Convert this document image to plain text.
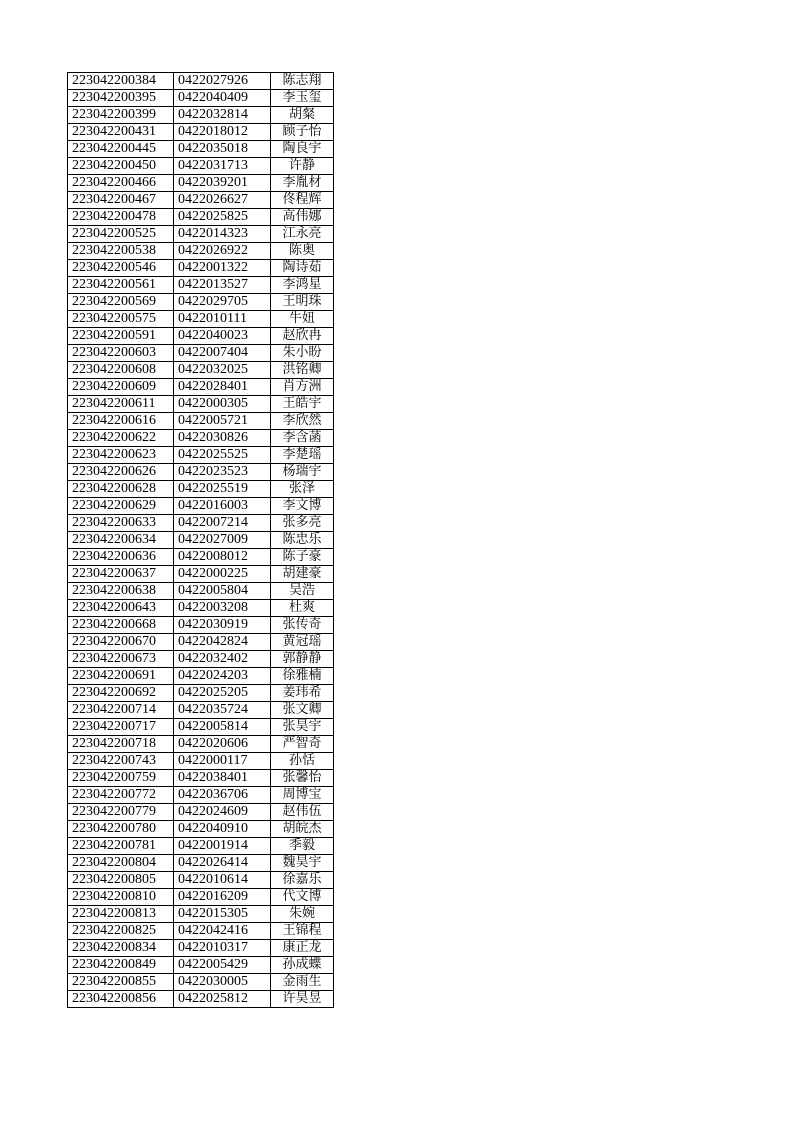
223042200384	0422027926	陈志翔
223042200395	0422040409	李玉玺
223042200399	0422032814	胡粲
223042200431	0422018012	顾子怡
223042200445	0422035018	陶良宇
223042200450	0422031713	许静
223042200466	0422039201	李胤材
223042200467	0422026627	佟程辉
223042200478	0422025825	高伟娜
223042200525	0422014323	江永亮
223042200538	0422026922	陈奥
223042200546	0422001322	陶诗茹
223042200561	0422013527	李鸿星
223042200569	0422029705	王明珠
223042200575	0422010111	牛妞
223042200591	0422040023	赵欣冉
223042200603	0422007404	朱小盼
223042200608	0422032025	洪铭卿
223042200609	0422028401	肖方洲
223042200611	0422000305	王皓宇
223042200616	0422005721	李欣然
223042200622	0422030826	李含菡
223042200623	0422025525	李楚瑶
223042200626	0422023523	杨瑞宇
223042200628	0422025519	张泽
223042200629	0422016003	李文博
223042200633	0422007214	张多亮
223042200634	0422027009	陈忠乐
223042200636	0422008012	陈子豪
223042200637	0422000225	胡建豪
223042200638	0422005804	吴浩
223042200643	0422003208	杜爽
223042200668	0422030919	张传奇
223042200670	0422042824	黄冠瑶
223042200673	0422032402	郭静静
223042200691	0422024203	徐雅楠
223042200692	0422025205	姜玮希
223042200714	0422035724	张文卿
223042200717	0422005814	张昊宇
223042200718	0422020606	严智奇
223042200743	0422000117	孙恬
223042200759	0422038401	张馨怡
223042200772	0422036706	周博宝
223042200779	0422024609	赵伟伍
223042200780	0422040910	胡皖杰
223042200781	0422001914	季毅
223042200804	0422026414	魏昊宇
223042200805	0422010614	徐嘉乐
223042200810	0422016209	代文博
223042200813	0422015305	朱婉
223042200825	0422042416	王锦程
223042200834	0422010317	康正龙
223042200849	0422005429	孙成蝶
223042200855	0422030005	金雨生
223042200856	0422025812	许昊昱
